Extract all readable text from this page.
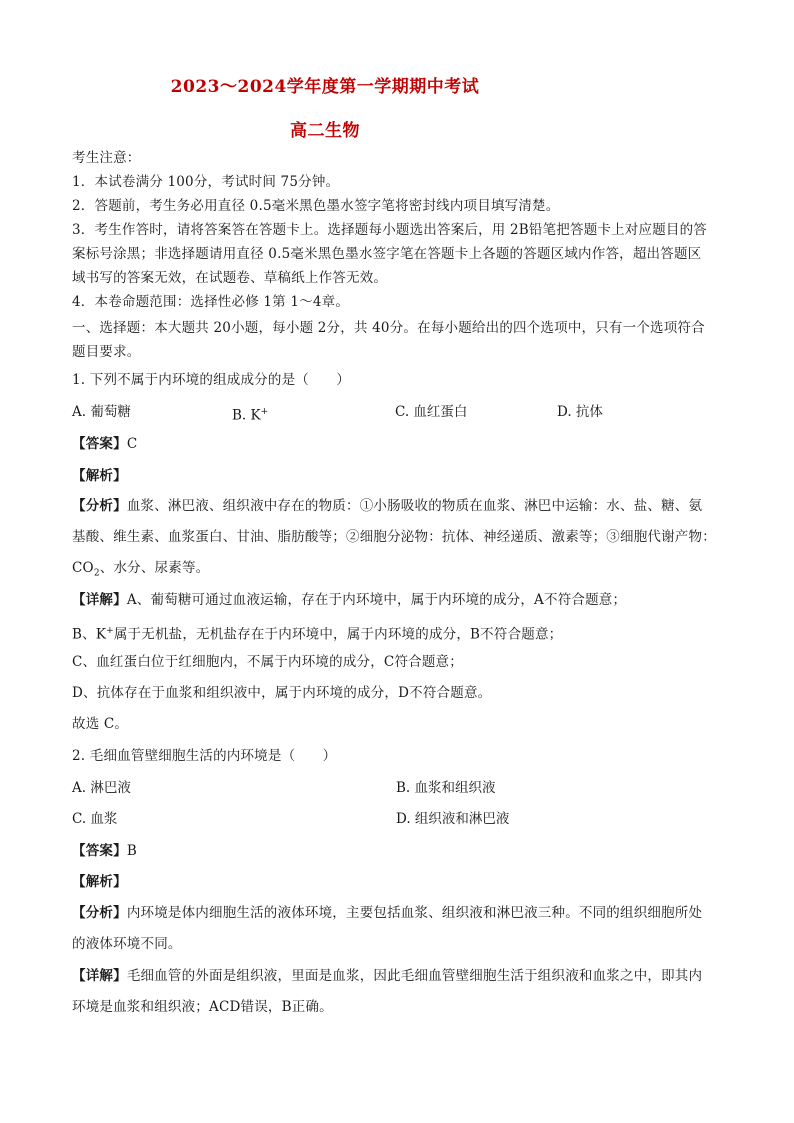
2023～2024学年度第一学期期中考试
高二生物
考生注意：
1．本试卷满分 100分，考试时间 75分钟。
2．答题前，考生务必用直径 0.5毫米黑色墨水签字笔将密封线内项目填写清楚。
3．考生作答时，请将答案答在答题卡上。选择题每小题选出答案后，用 2B铅笔把答题卡上对应题目的答
案标号涂黑；非选择题请用直径 0.5毫米黑色墨水签字笔在答题卡上各题的答题区域内作答，超出答题区
域书写的答案无效，在试题卷、草稿纸上作答无效。
4．本卷命题范围：选择性必修 1第 1～4章。
一、选择题：本大题共 20小题，每小题 2分，共 40分。在每小题给出的四个选项中，只有一个选项符合
题目要求。
1. 下列不属于内环境的组成成分的是（　　）
A. 葡萄糖	B. K+	C. 血红蛋白	D. 抗体
【答案】C
【解析】
【分析】血浆、淋巴液、组织液中存在的物质：①小肠吸收的物质在血浆、淋巴中运输：水、盐、糖、氨
基酸、维生素、血浆蛋白、甘油、脂肪酸等；②细胞分泌物：抗体、神经递质、激素等；③细胞代谢产物：
$CO_2$、水分、尿素等。
【详解】A、葡萄糖可通过血液运输，存在于内环境中，属于内环境的成分，A不符合题意；
B、K+属于无机盐，无机盐存在于内环境中，属于内环境的成分，B不符合题意；
C、血红蛋白位于红细胞内，不属于内环境的成分，C符合题意；
D、抗体存在于血浆和组织液中，属于内环境的成分，D不符合题意。
故选 C。
2. 毛细血管壁细胞生活的内环境是（　　）
A. 淋巴液	B. 血浆和组织液
C. 血浆	D. 组织液和淋巴液
【答案】B
【解析】
【分析】内环境是体内细胞生活的液体环境，主要包括血浆、组织液和淋巴液三种。不同的组织细胞所处
的液体环境不同。
【详解】毛细血管的外面是组织液，里面是血浆，因此毛细血管壁细胞生活于组织液和血浆之中，即其内
环境是血浆和组织液；ACD错误，B正确。
